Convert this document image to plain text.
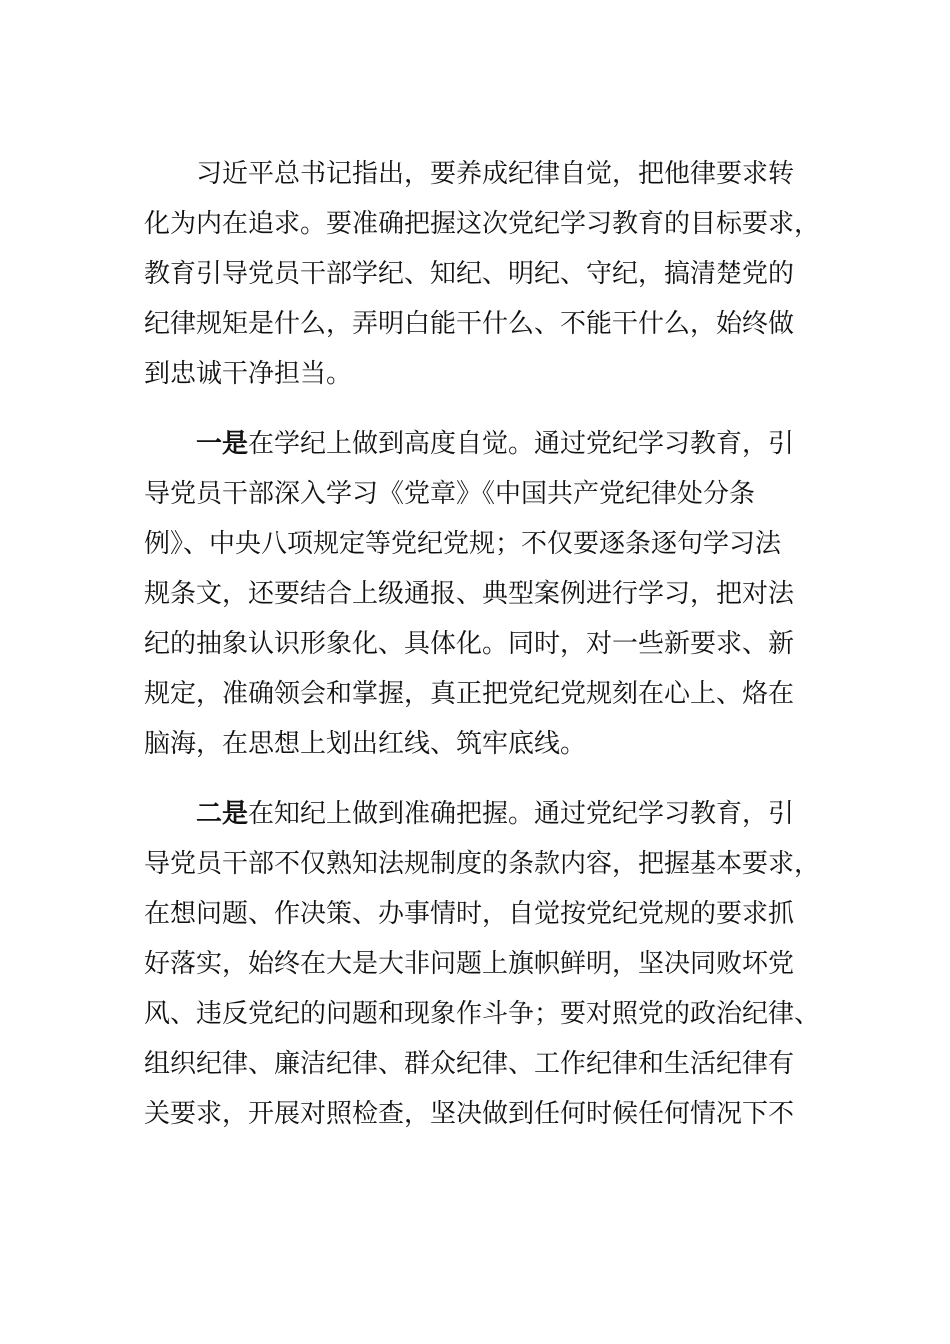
习近平总书记指出，要养成纪律自觉，把他律要求转
化为内在追求。要准确把握这次党纪学习教育的目标要求，
教育引导党员干部学纪、知纪、明纪、守纪，搞清楚党的
纪律规矩是什么，弄明白能干什么、不能干什么，始终做
到忠诚干净担当。
一是在学纪上做到高度自觉。通过党纪学习教育，引
导党员干部深入学习《党章》《中国共产党纪律处分条
例》、中央八项规定等党纪党规；不仅要逐条逐句学习法
规条文，还要结合上级通报、典型案例进行学习，把对法
纪的抽象认识形象化、具体化。同时，对一些新要求、新
规定，准确领会和掌握，真正把党纪党规刻在心上、烙在
脑海，在思想上划出红线、筑牢底线。
二是在知纪上做到准确把握。通过党纪学习教育，引
导党员干部不仅熟知法规制度的条款内容，把握基本要求，
在想问题、作决策、办事情时，自觉按党纪党规的要求抓
好落实，始终在大是大非问题上旗帜鲜明，坚决同败坏党
风、违反党纪的问题和现象作斗争；要对照党的政治纪律、
组织纪律、廉洁纪律、群众纪律、工作纪律和生活纪律有
关要求，开展对照检查，坚决做到任何时候任何情况下不
